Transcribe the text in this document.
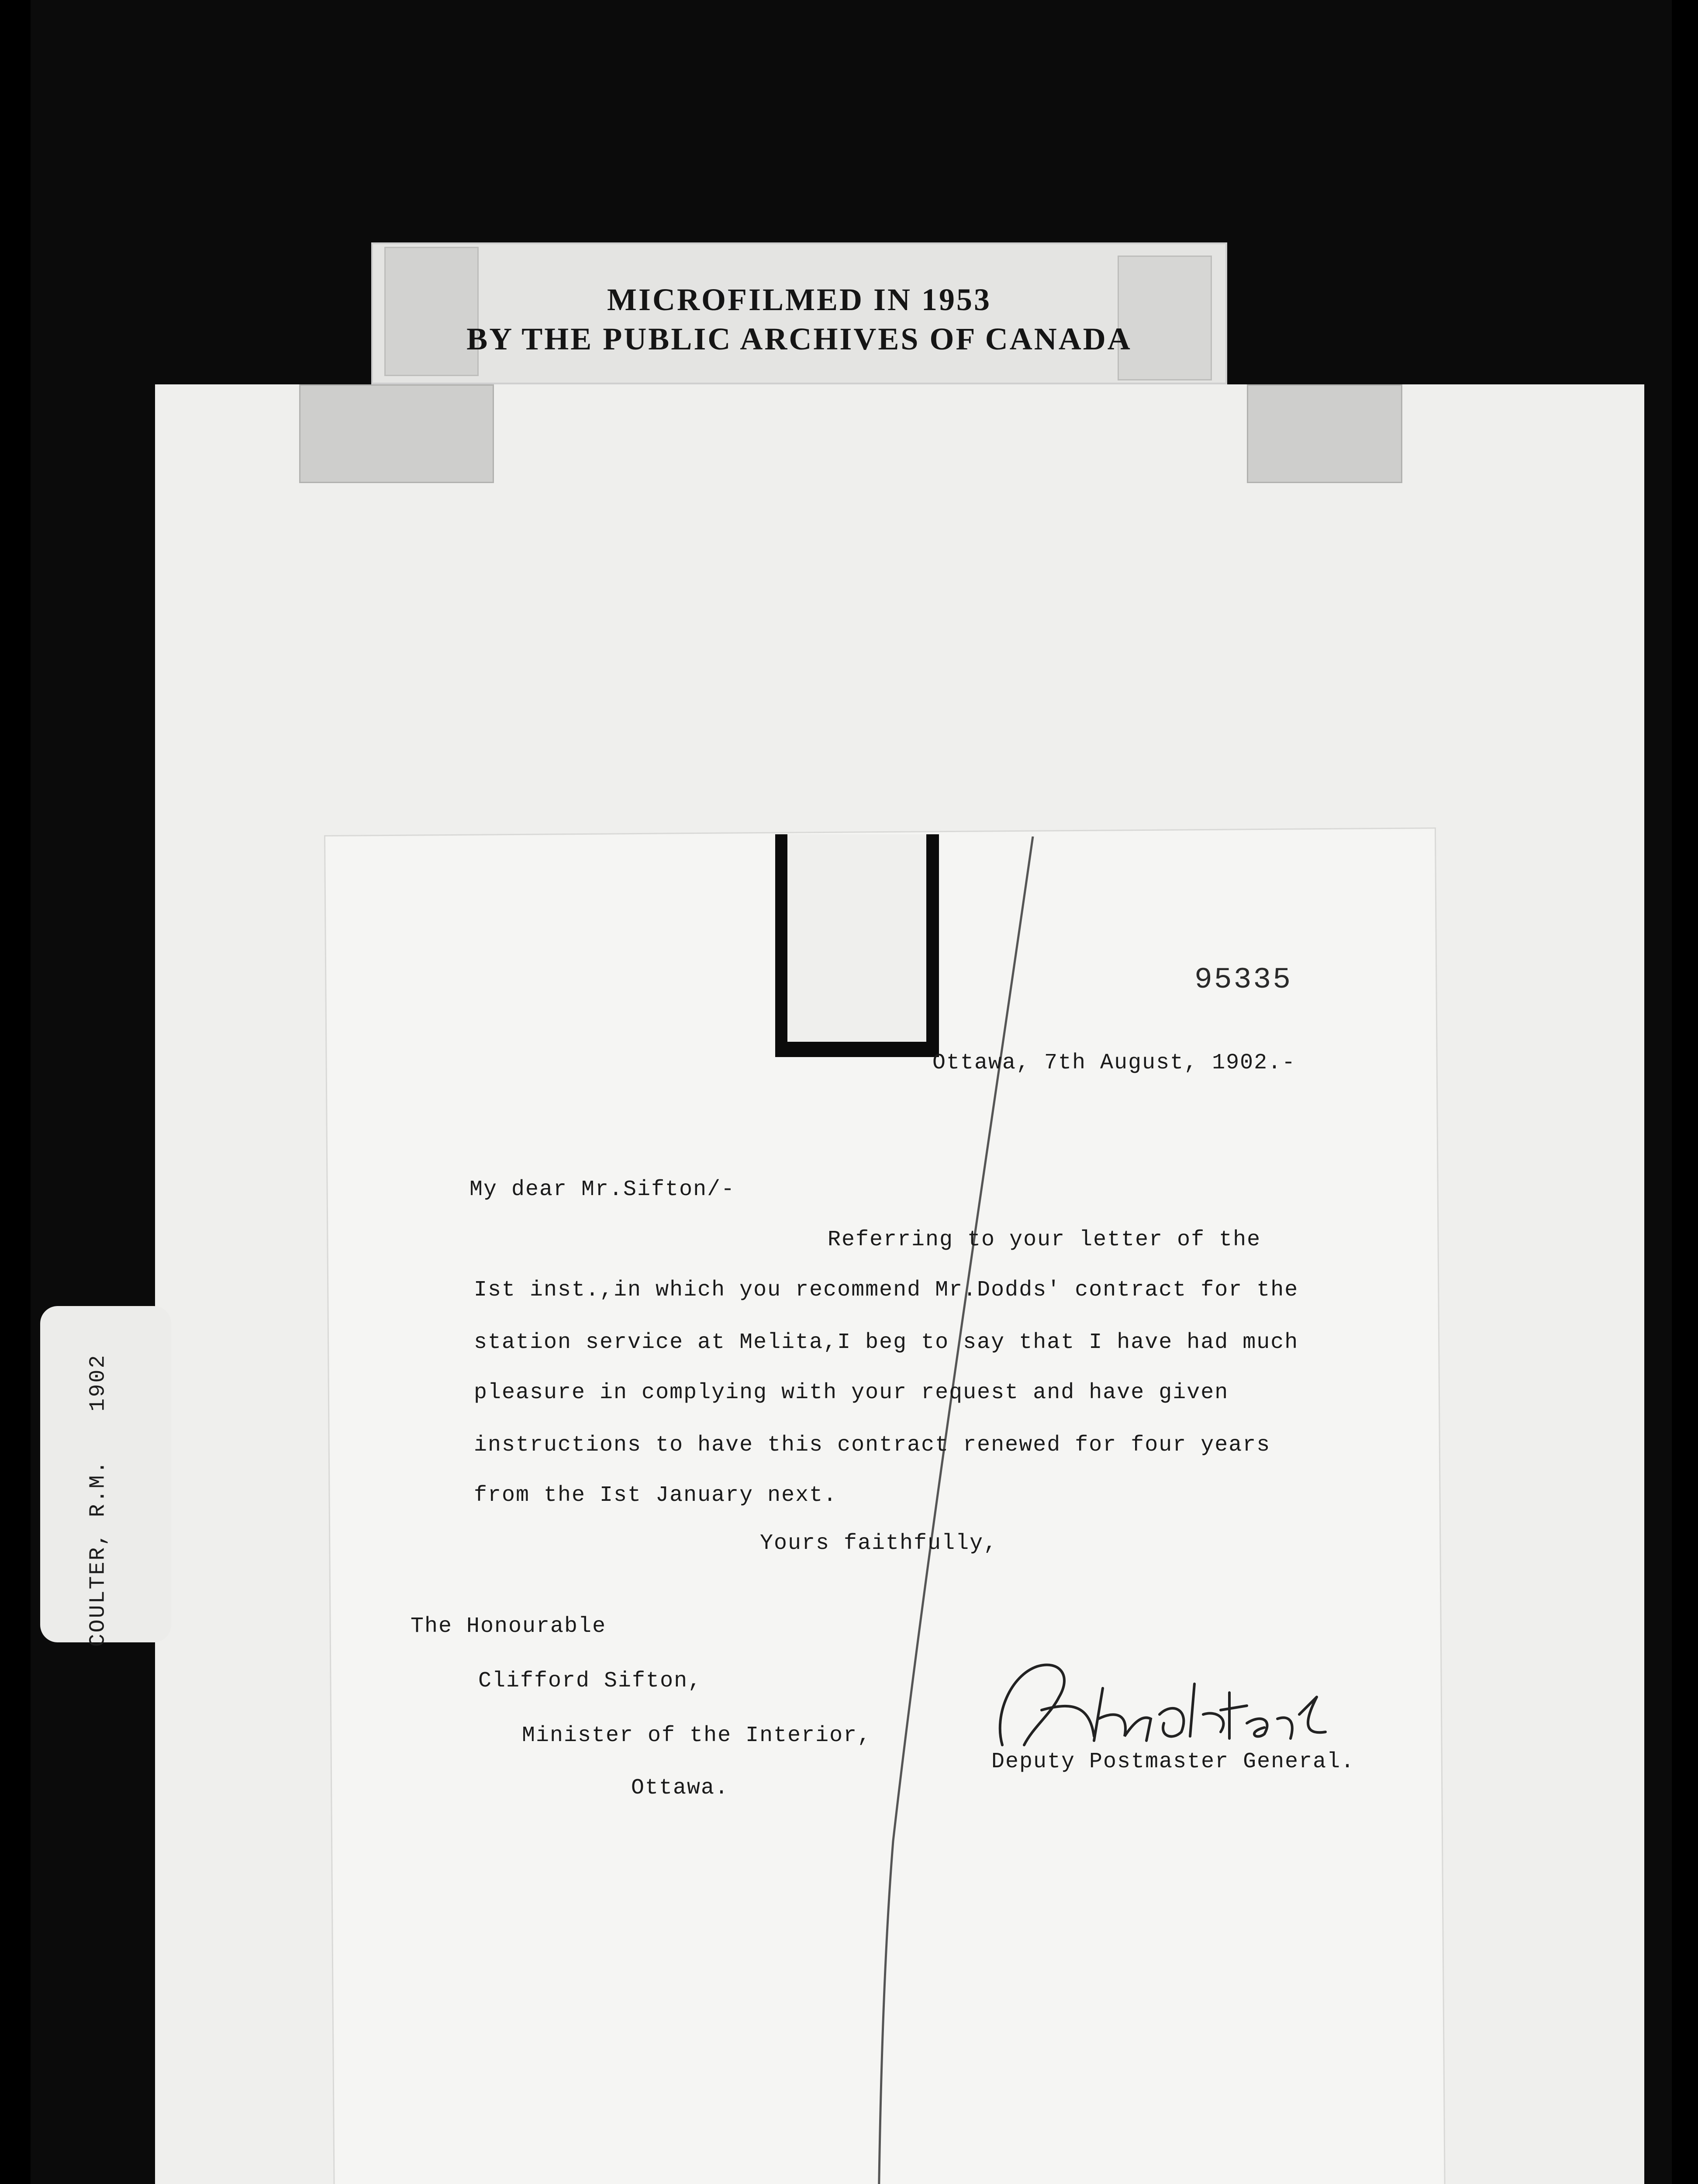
MICROFILMED IN 1953
BY THE PUBLIC ARCHIVES OF CANADA
COULTER, R.M.1902
95335
Ottawa, 7th August, 1902.-
My dear Mr.Sifton/-
Referring to your letter of the
Ist inst.,in which you recommend Mr.Dodds' contract for the
station service at Melita,I beg to say that I have had much
pleasure in complying with your request and have given
instructions to have this contract renewed for four years
from the Ist January next.
Yours faithfully,
The Honourable
Clifford Sifton,
Minister of the Interior,
Ottawa.
Deputy Postmaster General.
